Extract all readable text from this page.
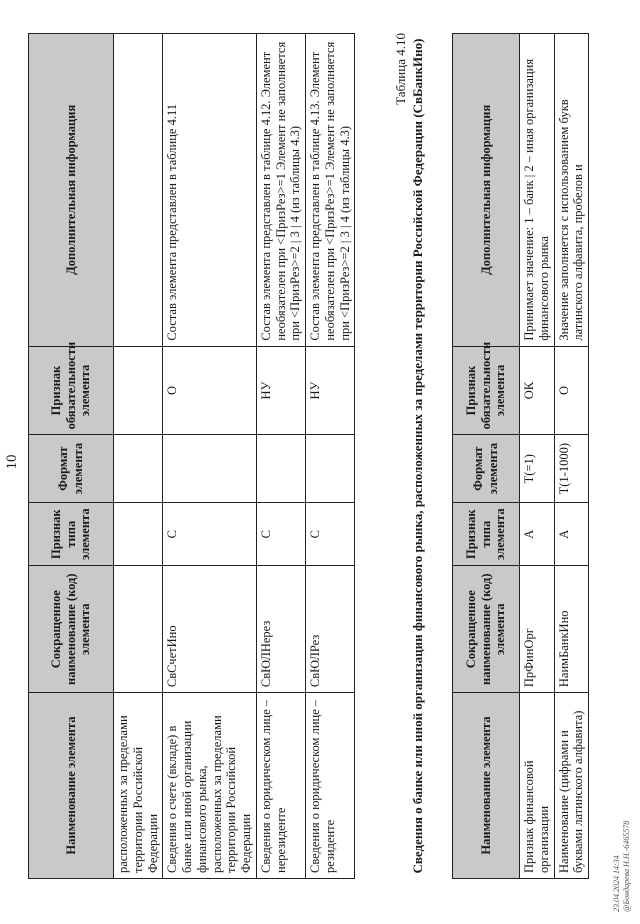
10
Наименование элемента	Сокращенное наименование (код) элемента	Признак типа элемента	Формат элемента	Признак обязательности элемента	Дополнительная информация
расположенных за пределами территории Российской Федерации					
Сведения о счете (вкладе) в банке или иной организации финансового рынка, расположенных за пределами территории Российской Федерации	СвСчетИно	С		О	Состав элемента представлен в таблице 4.11
Сведения о юридическом лице – нерезиденте	СвЮЛНерез	С		НУ	Состав элемента представлен в таблице 4.12. Элемент необязателен при <ПризРез>=1 Элемент не заполняется при <ПризРез>=2 | 3 | 4 (из таблицы 4.3)
Сведения о юридическом лице – резиденте	СвЮЛРез	С		НУ	Состав элемента представлен в таблице 4.13. Элемент необязателен при <ПризРез>=1 Элемент не заполняется при <ПризРез>=2 | 3 | 4 (из таблицы 4.3)
Таблица 4.10 Сведения о банке или иной организации финансового рынка, расположенных за пределами территории Российской Федерации (СвБанкИно)	Наименование элемента	Сокращенное наименование (код) элемента	Признак типа элемента	Формат элемента	Признак обязательности элемента	Дополнительная информация
Признак финансовой организации	ПрФинОрг	А	Т(=1)	ОК	Принимает значение: 1 – банк | 2 – иная организация финансового рынка
Наименование (цифрами и буквами латинского алфавита)	НаимБанкИно	А	Т(1-1000)	О	Значение заполняется с использованием букв латинского алфавита, пробелов и
23.04.2024 14:34 @Бондарева Н.Н.-6465578
